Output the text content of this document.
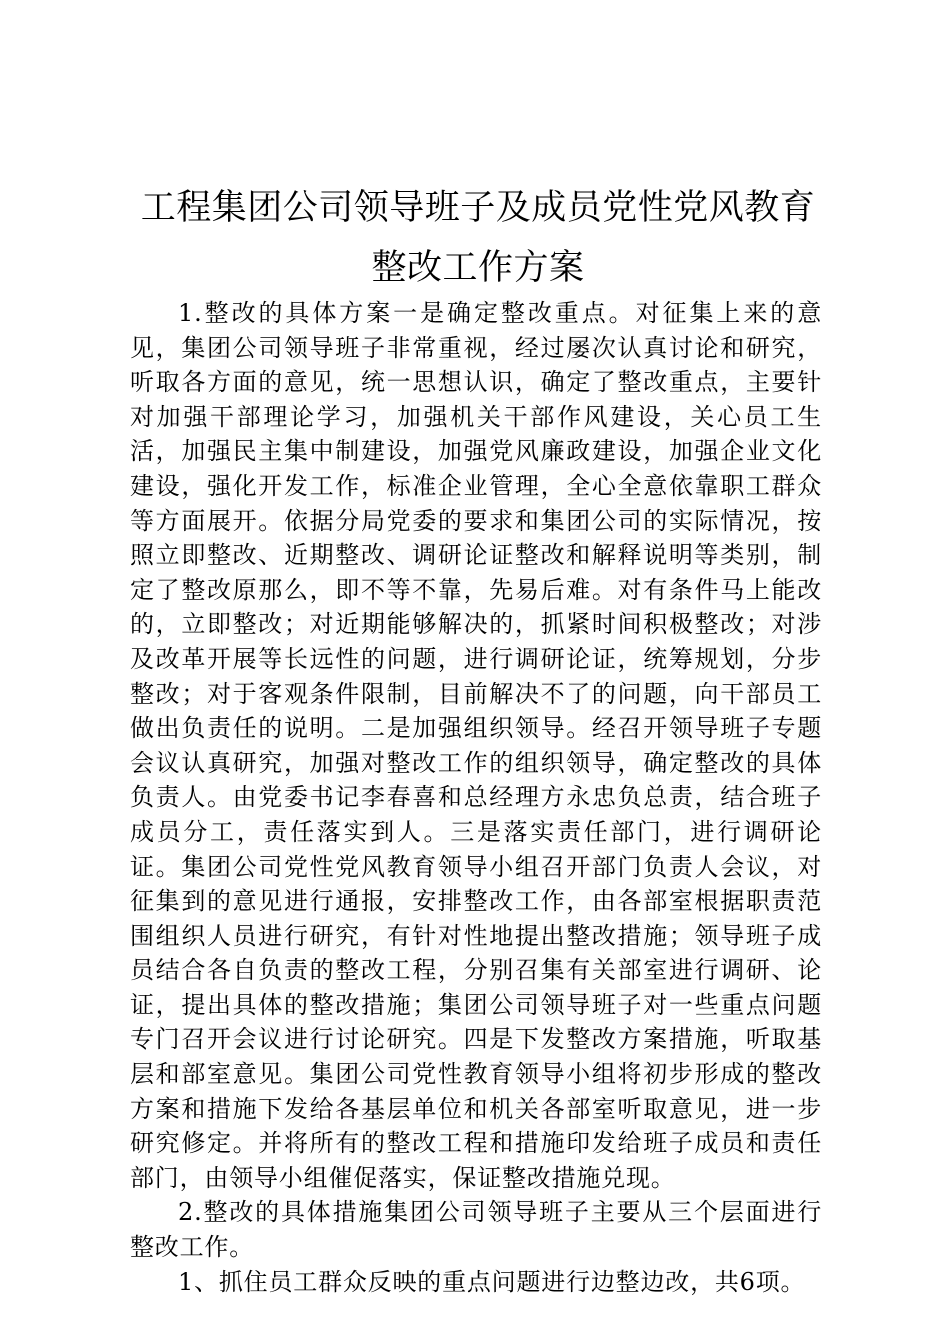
工程集团公司领导班子及成员党性党风教育整改工作方案

1.整改的具体方案一是确定整改重点。对征集上来的意见，集团公司领导班子非常重视，经过屡次认真讨论和研究，听取各方面的意见，统一思想认识，确定了整改重点，主要针对加强干部理论学习，加强机关干部作风建设，关心员工生活，加强民主集中制建设，加强党风廉政建设，加强企业文化建设，强化开发工作，标准企业管理，全心全意依靠职工群众等方面展开。依据分局党委的要求和集团公司的实际情况，按照立即整改、近期整改、调研论证整改和解释说明等类别，制定了整改原那么，即不等不靠，先易后难。对有条件马上能改的，立即整改；对近期能够解决的，抓紧时间积极整改；对涉及改革开展等长远性的问题，进行调研论证，统筹规划，分步整改；对于客观条件限制，目前解决不了的问题，向干部员工做出负责任的说明。二是加强组织领导。经召开领导班子专题会议认真研究，加强对整改工作的组织领导，确定整改的具体负责人。由党委书记李春喜和总经理方永忠负总责，结合班子成员分工，责任落实到人。三是落实责任部门，进行调研论证。集团公司党性党风教育领导小组召开部门负责人会议，对征集到的意见进行通报，安排整改工作，由各部室根据职责范围组织人员进行研究，有针对性地提出整改措施；领导班子成员结合各自负责的整改工程，分别召集有关部室进行调研、论证，提出具体的整改措施；集团公司领导班子对一些重点问题专门召开会议进行讨论研究。四是下发整改方案措施，听取基层和部室意见。集团公司党性教育领导小组将初步形成的整改方案和措施下发给各基层单位和机关各部室听取意见，进一步研究修定。并将所有的整改工程和措施印发给班子成员和责任部门，由领导小组催促落实，保证整改措施兑现。

2.整改的具体措施集团公司领导班子主要从三个层面进行整改工作。

1、抓住员工群众反映的重点问题进行边整边改，共6项。
